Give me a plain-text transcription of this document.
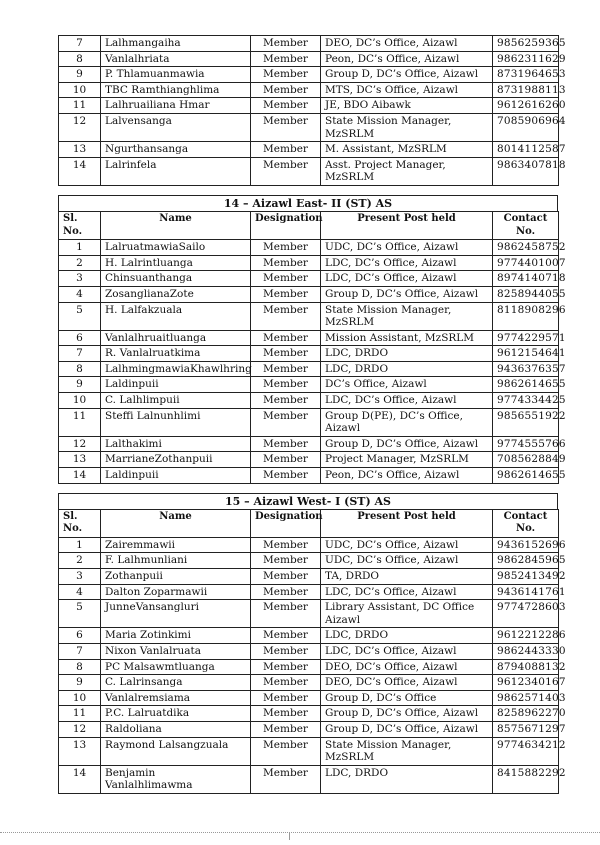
7	Lalhmangaiha	Member	DEO, DC’s Office, Aizawl	9856259365
8	Vanlalhriata	Member	Peon, DC’s Office, Aizawl	9862311629
9	P. Thlamuanmawia	Member	Group D, DC’s Office, Aizawl	8731964653
10	TBC Ramthianghlima	Member	MTS, DC’s Office, Aizawl	8731988113
11	Lalhruailiana Hmar	Member	JE, BDO Aibawk	9612616260
12	Lalvensanga	Member	State Mission Manager, MzSRLM	7085906964
13	Ngurthansanga	Member	M. Assistant, MzSRLM	8014112587
14	Lalrinfela	Member	Asst. Project Manager, MzSRLM	9863407818
14 – Aizawl East- II (ST) AS
Sl. No.	Name	Designation	Present Post held	Contact No.
1	LalruatmawiaSailo	Member	UDC, DC’s Office, Aizawl	9862458752
2	H. Lalrintluanga	Member	LDC, DC’s Office, Aizawl	9774401007
3	Chinsuanthanga	Member	LDC, DC’s Office, Aizawl	8974140718
4	ZosanglianaZote	Member	Group D, DC’s Office, Aizawl	8258944055
5	H. Lalfakzuala	Member	State Mission Manager, MzSRLM	8118908296
6	Vanlalhruaitluanga	Member	Mission Assistant, MzSRLM	9774229571
7	R. Vanlalruatkima	Member	LDC, DRDO	9612154641
8	LalhmingmawiaKhawlhring	Member	LDC, DRDO	9436376357
9	Laldinpuii	Member	DC’s Office, Aizawl	9862614655
10	C. Lalhlimpuii	Member	LDC, DC’s Office, Aizawl	9774334425
11	Steffi Lalnunhlimi	Member	Group D(PE), DC’s Office, Aizawl	9856551922
12	Lalthakimi	Member	Group D, DC’s Office, Aizawl	9774555766
13	MarrianeZothanpuii	Member	Project Manager, MzSRLM	7085628849
14	Laldinpuii	Member	Peon, DC’s Office, Aizawl	9862614655
15 – Aizawl West- I (ST) AS
Sl. No.	Name	Designation	Present Post held	Contact No.
1	Zairemmawii	Member	UDC, DC’s Office, Aizawl	9436152696
2	F. Lalhmunliani	Member	UDC, DC’s Office, Aizawl	9862845965
3	Zothanpuii	Member	TA, DRDO	9852413492
4	Dalton Zoparmawii	Member	LDC, DC’s Office, Aizawl	9436141761
5	JunneVansangluri	Member	Library Assistant, DC Office Aizawl	9774728603
6	Maria Zotinkimi	Member	LDC, DRDO	9612212286
7	Nixon Vanlalruata	Member	LDC, DC’s Office, Aizawl	9862443330
8	PC Malsawmtluanga	Member	DEO, DC’s Office, Aizawl	8794088132
9	C. Lalrinsanga	Member	DEO, DC’s Office, Aizawl	9612340167
10	Vanlalremsiama	Member	Group D, DC’s Office	9862571403
11	P.C. Lalruatdika	Member	Group D, DC’s Office, Aizawl	8258962270
12	Raldoliana	Member	Group D, DC’s Office, Aizawl	8575671297
13	Raymond Lalsangzuala	Member	State Mission Manager, MzSRLM	9774634212
14	Benjamin Vanlalhlimawma	Member	LDC, DRDO	8415882292
